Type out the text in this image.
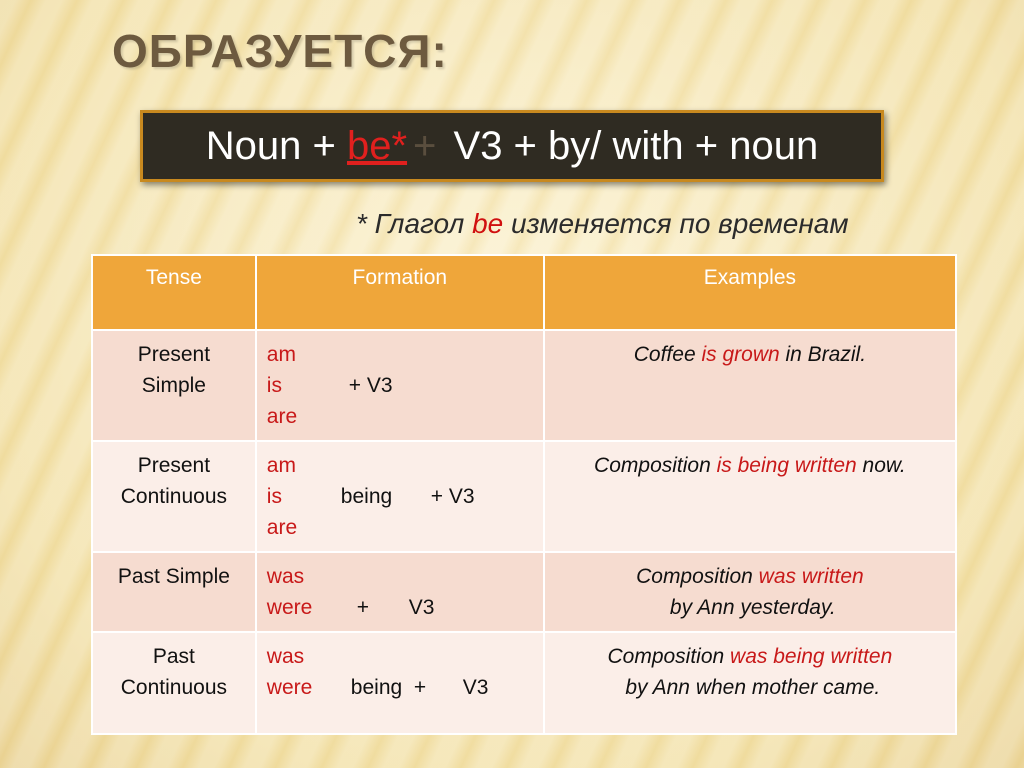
ОБРАЗУЕТСЯ:
Noun + be* + V3 + by/ with + noun
* Глагол be изменяется по временам
Tense	Formation	Examples
Present Simple	am
is + V3
are	Coffee is grown in Brazil.
Present Continuous	am
is being + V3
are	Composition is being written now.
Past Simple	was
were + V3	Composition was written by Ann yesterday.
Past Continuous	was
were being  + V3	Composition was being written by Ann when mother came.
